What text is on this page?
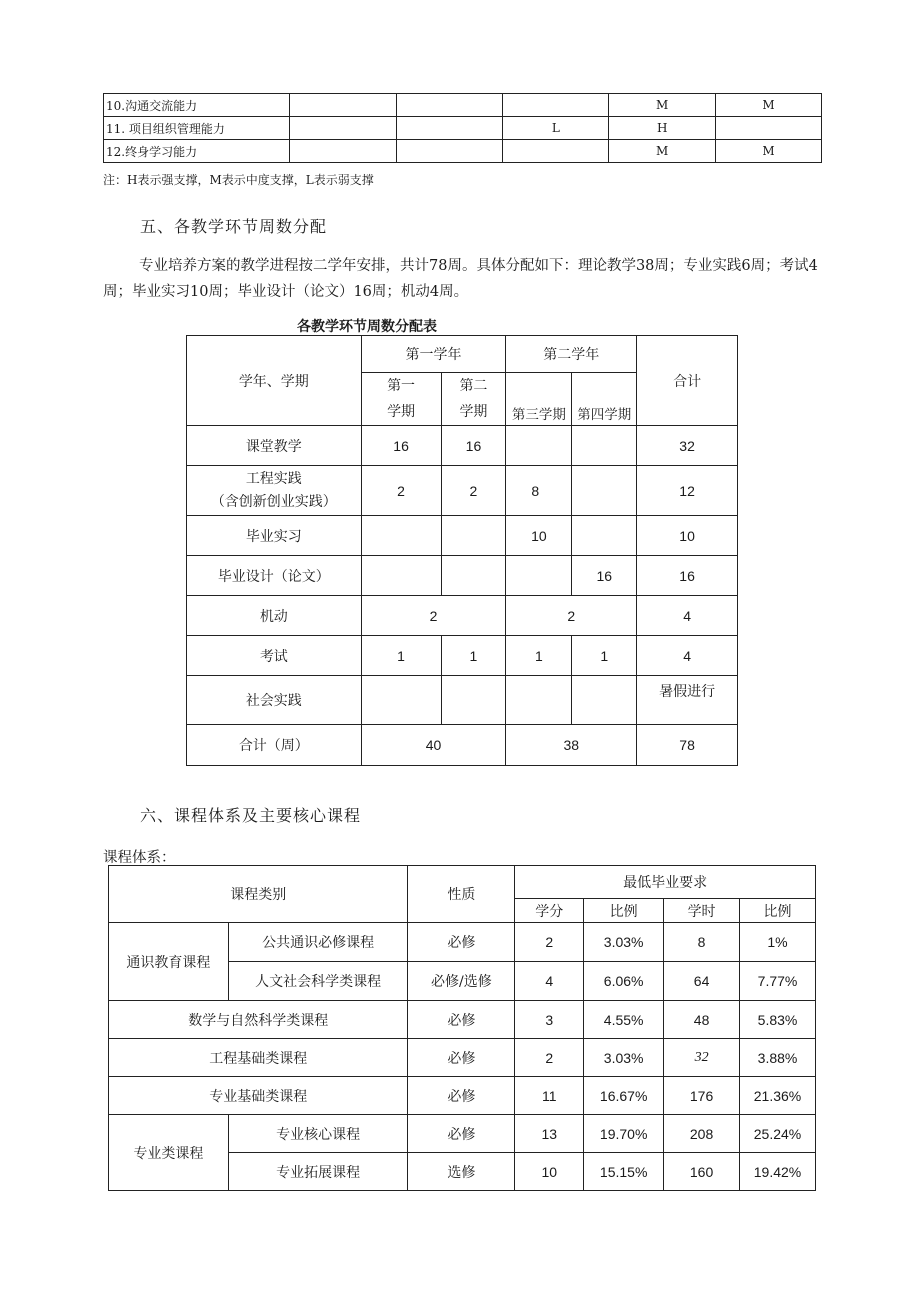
10.沟通交流能力				M	M
11. 项目组织管理能力			L	H	
12.终身学习能力				M	M
注：H表示强支撑，M表示中度支撑，L表示弱支撑
五、各教学环节周数分配
专业培养方案的教学进程按二学年安排，共计78周。具体分配如下：理论教学38周；专业实践6周；考试4周；毕业实习10周；毕业设计（论文）16周；机动4周。
各教学环节周数分配表
学年、学期	第一学年		第二学年		合计
	第一学期	第二学期	第三学期	第四学期	
课堂教学	16	16			32

工程实践
（含创新创业实践）	2	2	8		12
毕业实习			10		10
毕业设计（论文）				16	16
机动	2		2		4
考试	1	1	1	1	4
社会实践					暑假进行
合计（周）	40		38		78
六、课程体系及主要核心课程
课程体系：
课程类别		性质	最低毕业要求			
			学分	比例	学时	比例
通识教育课程	公共通识必修课程	必修	2	3.03%	8	1%
	人文社会科学类课程	必修/选修	4	6.06%	64	7.77%
数学与自然科学类课程		必修	3	4.55%	48	5.83%
工程基础类课程		必修	2	3.03%	32	3.88%
专业基础类课程		必修	11	16.67%	176	21.36%
专业类课程	专业核心课程	必修	13	19.70%	208	25.24%
	专业拓展课程	选修	10	15.15%	160	19.42%
